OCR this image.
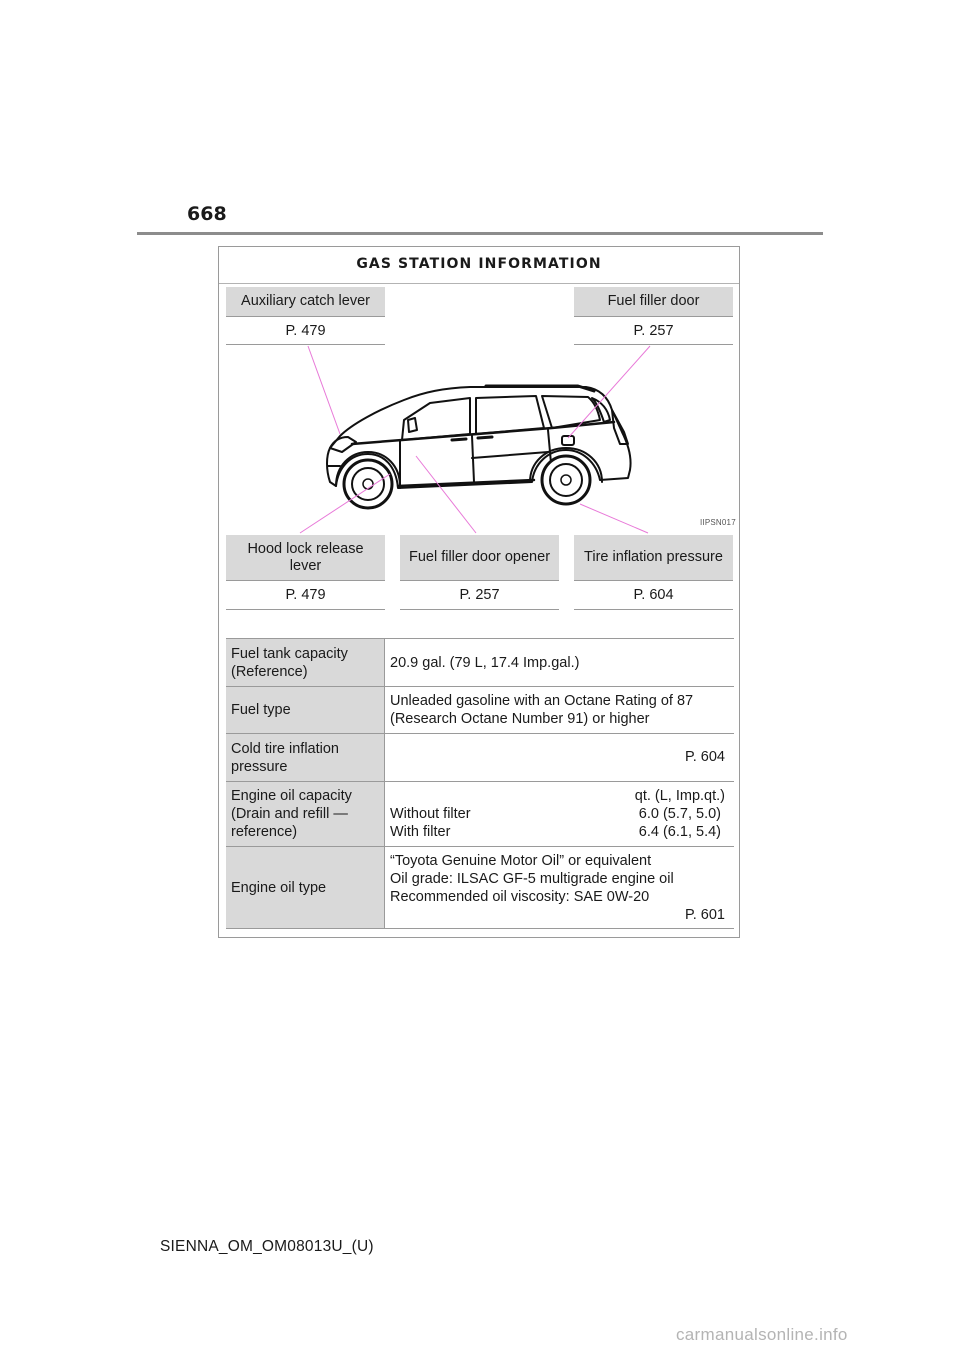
668
GAS STATION INFORMATION
Auxiliary catch lever
P. 479
Fuel filler door
P. 257
IIPSN017
Hood lock release lever
P. 479
Fuel filler door opener
P. 257
Tire inflation pressure
P. 604
Fuel tank capacity (Reference)
20.9 gal. (79 L, 17.4 Imp.gal.)
Fuel type
Unleaded gasoline with an Octane Rating of 87
(Research Octane Number 91) or higher
Cold tire inflation pressure
P. 604
Engine oil capacity (Drain and refill — reference)
qt. (L, Imp.qt.)
Without filter	6.0 (5.7, 5.0)
With filter	6.4 (6.1, 5.4)
Engine oil type
“Toyota Genuine Motor Oil” or equivalent
Oil grade: ILSAC GF-5 multigrade engine oil
Recommended oil viscosity: SAE 0W-20
P. 601
SIENNA_OM_OM08013U_(U)
carmanualsonline.info
